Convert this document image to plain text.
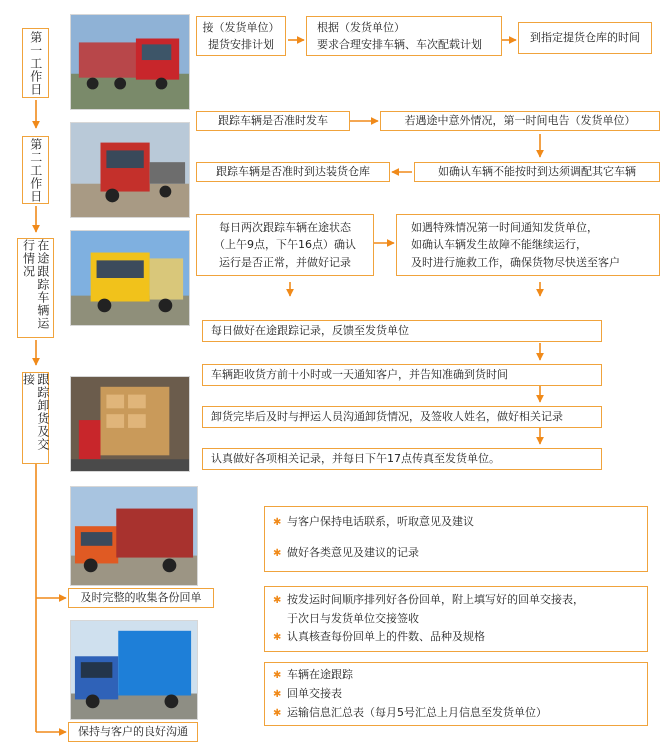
第一工作日
第二工作日
在途跟踪车辆运行情况
跟踪卸货及交接
及时完整的收集各份回单
保持与客户的良好沟通
接（发货单位）
提货安排计划
根据（发货单位）
要求合理安排车辆、车次配载计划
到指定提货仓库的时间
跟踪车辆是否准时发车	若遇途中意外情况，第一时间电告（发货单位）
如确认车辆不能按时到达须调配其它车辆
跟踪车辆是否准时到达装货仓库
每日两次跟踪车辆在途状态
（上午9点，下午16点）确认
运行是否正常，并做好记录
如遇特殊情况第一时间通知发货单位，
如确认车辆发生故障不能继续运行，
及时进行施救工作，确保货物尽快送至客户
每日做好在途跟踪记录，反馈至发货单位
车辆距收货方前十小时或一天通知客户，并告知准确到货时间
卸货完毕后及时与押运人员沟通卸货情况，及签收人姓名，做好相关记录
认真做好各项相关记录，并每日下午17点传真至发货单位。
✱ 与客户保持电话联系，听取意见及建议
✱ 做好各类意见及建议的记录
✱ 按发运时间顺序排列好各份回单，附上填写好的回单交接表，
于次日与发货单位交接签收
✱ 认真核查每份回单上的件数、品种及规格
✱ 车辆在途跟踪
✱ 回单交接表
✱ 运输信息汇总表（每月5号汇总上月信息至发货单位）
